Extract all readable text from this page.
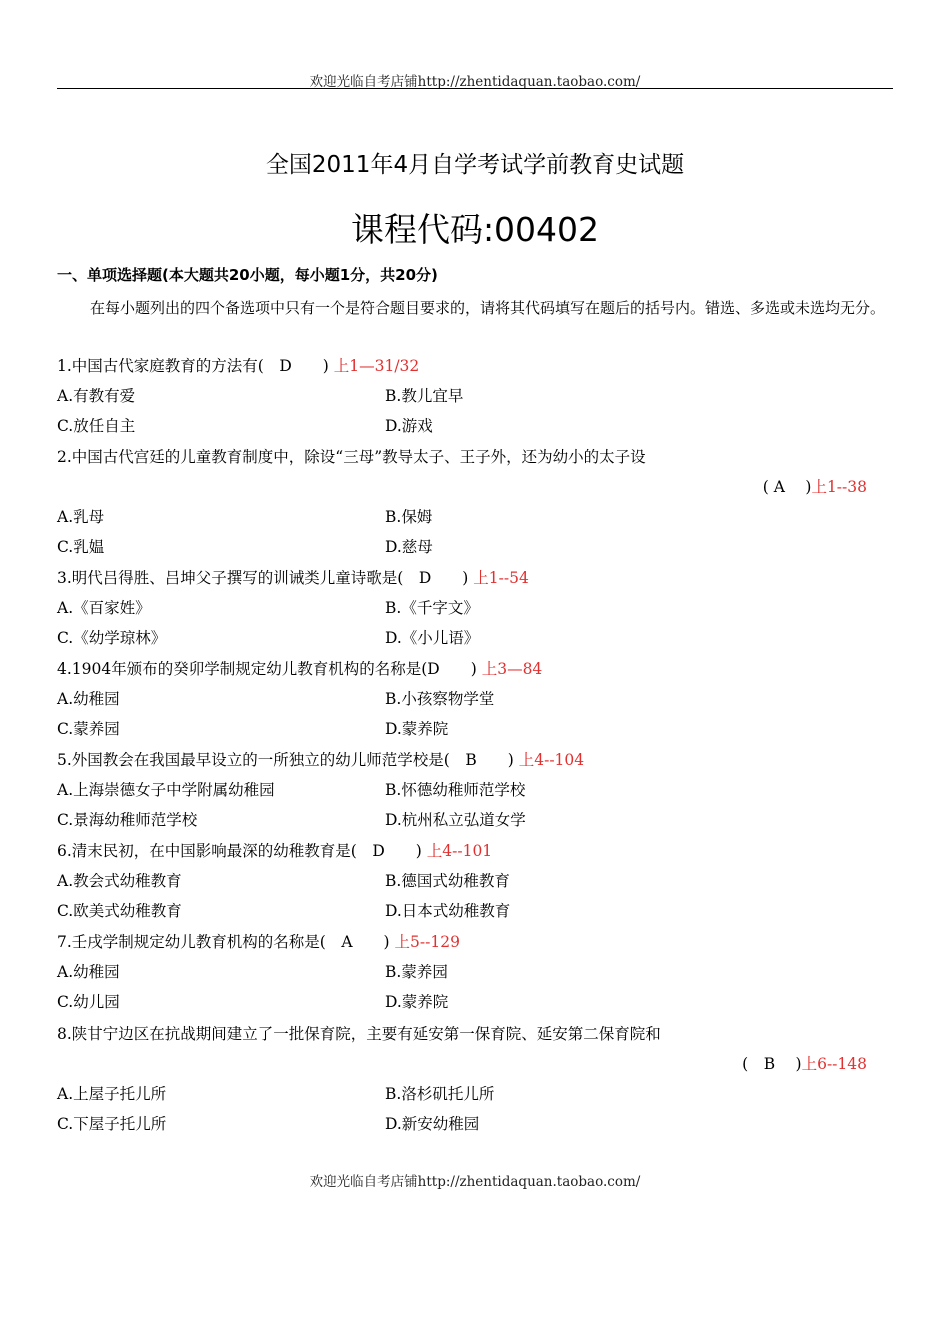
欢迎光临自考店铺http://zhentidaquan.taobao.com/
全国2011年4月自学考试学前教育史试题
课程代码:00402
一、单项选择题(本大题共20小题，每小题1分，共20分)
在每小题列出的四个备选项中只有一个是符合题目要求的，请将其代码填写在题后的括号内。错选、多选或未选均无分。
1.中国古代家庭教育的方法有(　D　　) 上1—31/32
A.有教有爱	B.教儿宜早
C.放任自主	D.游戏
2.中国古代宫廷的儿童教育制度中，除设“三母”教导太子、王子外，还为幼小的太子设
( A　 )上1--38
A.乳母	B.保姆
C.乳媪	D.慈母
3.明代吕得胜、吕坤父子撰写的训诫类儿童诗歌是(　D　　) 上1--54
A.《百家姓》	B.《千字文》
C.《幼学琼林》	D.《小儿语》
4.1904年颁布的癸卯学制规定幼儿教育机构的名称是(D　　) 上3—84
A.幼稚园	B.小孩察物学堂
C.蒙养园	D.蒙养院
5.外国教会在我国最早设立的一所独立的幼儿师范学校是(　B　　) 上4--104
A.上海崇德女子中学附属幼稚园	B.怀德幼稚师范学校
C.景海幼稚师范学校	D.杭州私立弘道女学
6.清末民初，在中国影响最深的幼稚教育是(　D　　) 上4--101
A.教会式幼稚教育	B.德国式幼稚教育
C.欧美式幼稚教育	D.日本式幼稚教育
7.壬戌学制规定幼儿教育机构的名称是(　A　　) 上5--129
A.幼稚园	B.蒙养园
C.幼儿园	D.蒙养院
8.陕甘宁边区在抗战期间建立了一批保育院，主要有延安第一保育院、延安第二保育院和
(　B　 )上6--148
A.上屋子托儿所	B.洛杉矶托儿所
C.下屋子托儿所	D.新安幼稚园
欢迎光临自考店铺http://zhentidaquan.taobao.com/
